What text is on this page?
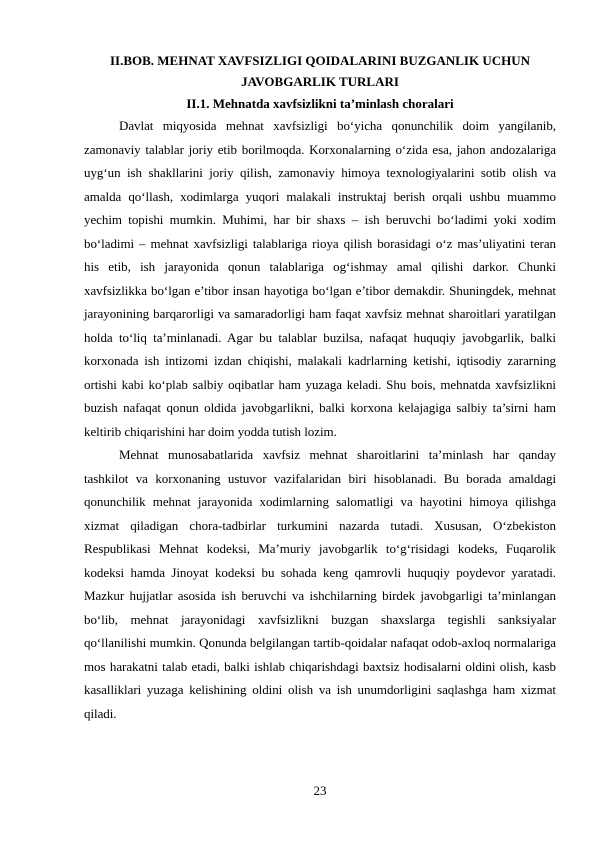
II.BOB. MEHNAT XAVFSIZLIGI QOIDALARINI BUZGANLIK UCHUN JAVOBGARLIK TURLARI

II.1. Mehnatda xavfsizlikni ta’minlash choralari

Davlat miqyosida mehnat xavfsizligi bo‘yicha qonunchilik doim yangilanib, zamonaviy talablar joriy etib borilmoqda. Korxonalarning o‘zida esa, jahon andozalariga uyg‘un ish shakllarini joriy qilish, zamonaviy himoya texnologiyalarini sotib olish va amalda qo‘llash, xodimlarga yuqori malakali instruktaj berish orqali ushbu muammo yechim topishi mumkin. Muhimi, har bir shaxs – ish beruvchi bo‘ladimi yoki xodim bo‘ladimi – mehnat xavfsizligi talablariga rioya qilish borasidagi o‘z mas’uliyatini teran his etib, ish jarayonida qonun talablariga og‘ishmay amal qilishi darkor. Chunki xavfsizlikka bo‘lgan e’tibor insan hayotiga bo‘lgan e’tibor demakdir. Shuningdek, mehnat jarayonining barqarorligi va samaradorligi ham faqat xavfsiz mehnat sharoitlari yaratilgan holda to‘liq ta’minlanadi. Agar bu talablar buzilsa, nafaqat huquqiy javobgarlik, balki korxonada ish intizomi izdan chiqishi, malakali kadrlarning ketishi, iqtisodiy zararning ortishi kabi ko‘plab salbiy oqibatlar ham yuzaga keladi. Shu bois, mehnatda xavfsizlikni buzish nafaqat qonun oldida javobgarlikni, balki korxona kelajagiga salbiy ta’sirni ham keltirib chiqarishini har doim yodda tutish lozim.

Mehnat munosabatlarida xavfsiz mehnat sharoitlarini ta’minlash har qanday tashkilot va korxonaning ustuvor vazifalaridan biri hisoblanadi. Bu borada amaldagi qonunchilik mehnat jarayonida xodimlarning salomatligi va hayotini himoya qilishga xizmat qiladigan chora-tadbirlar turkumini nazarda tutadi. Xususan, O‘zbekiston Respublikasi Mehnat kodeksi, Ma’muriy javobgarlik to‘g‘risidagi kodeks, Fuqarolik kodeksi hamda Jinoyat kodeksi bu sohada keng qamrovli huquqiy poydevor yaratadi. Mazkur hujjatlar asosida ish beruvchi va ishchilarning birdek javobgarligi ta’minlangan bo‘lib, mehnat jarayonidagi xavfsizlikni buzgan shaxslarga tegishli sanksiyalar qo‘llanilishi mumkin. Qonunda belgilangan tartib-qoidalar nafaqat odob-axloq normalariga mos harakatni talab etadi, balki ishlab chiqarishdagi baxtsiz hodisalarni oldini olish, kasb kasalliklari yuzaga kelishining oldini olish va ish unumdorligini saqlashga ham xizmat qiladi.

23
